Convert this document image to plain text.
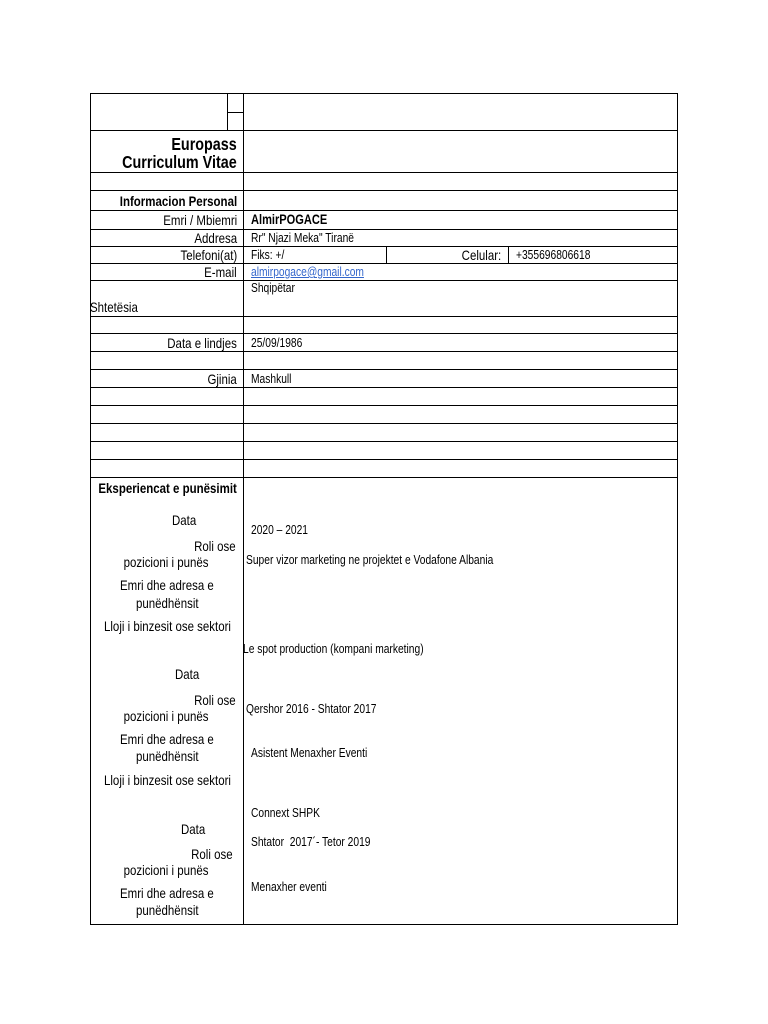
Europass
Curriculum Vitae
Informacion Personal
Emri / Mbiemri AlmirPOGACE
Addresa Rr" Njazi Meka" Tiranë
Telefoni(at) Fiks: +/	Celular: +355696806618
E-mail almirpogace@gmail.com
Shtetësia
Shqipëtar
Data e lindjes 25/09/1986
Gjinia Mashkull
Eksperiencat e punësimit
Data
Roli ose
pozicioni i punës
Emri dhe adresa e
punëdhënsit
Lloji i binzesit ose sektori
Data
Roli ose
pozicioni i punës
Emri dhe adresa e
punëdhënsit
Lloji i binzesit ose sektori
Data
Roli ose
pozicioni i punës
Emri dhe adresa e
punëdhënsit
2020 – 2021
Super vizor marketing ne projektet e Vodafone Albania
Le spot production (kompani marketing)
Qershor 2016 - Shtator 2017
Asistent Menaxher Eventi
Connext SHPK
Shtator  2017´- Tetor 2019
Menaxher eventi
